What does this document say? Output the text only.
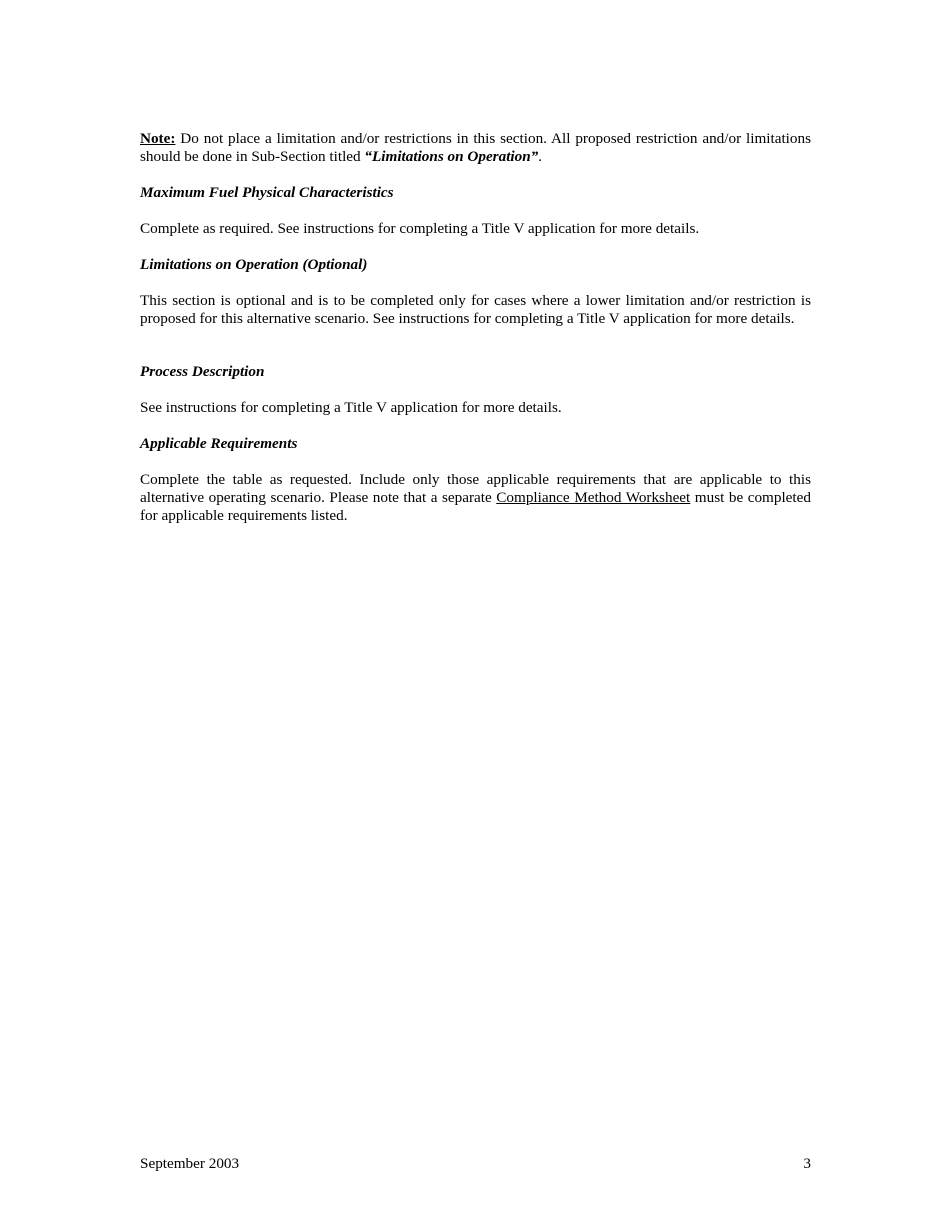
Note: Do not place a limitation and/or restrictions in this section. All proposed restriction and/or limitations should be done in Sub-Section titled “Limitations on Operation”.

Maximum Fuel Physical Characteristics

Complete as required. See instructions for completing a Title V application for more details.

Limitations on Operation (Optional)

This section is optional and is to be completed only for cases where a lower limitation and/or restriction is proposed for this alternative scenario. See instructions for completing a Title V application for more details.

Process Description

See instructions for completing a Title V application for more details.

Applicable Requirements

Complete the table as requested. Include only those applicable requirements that are applicable to this alternative operating scenario. Please note that a separate Compliance Method Worksheet must be completed for applicable requirements listed.

September 2003	3
